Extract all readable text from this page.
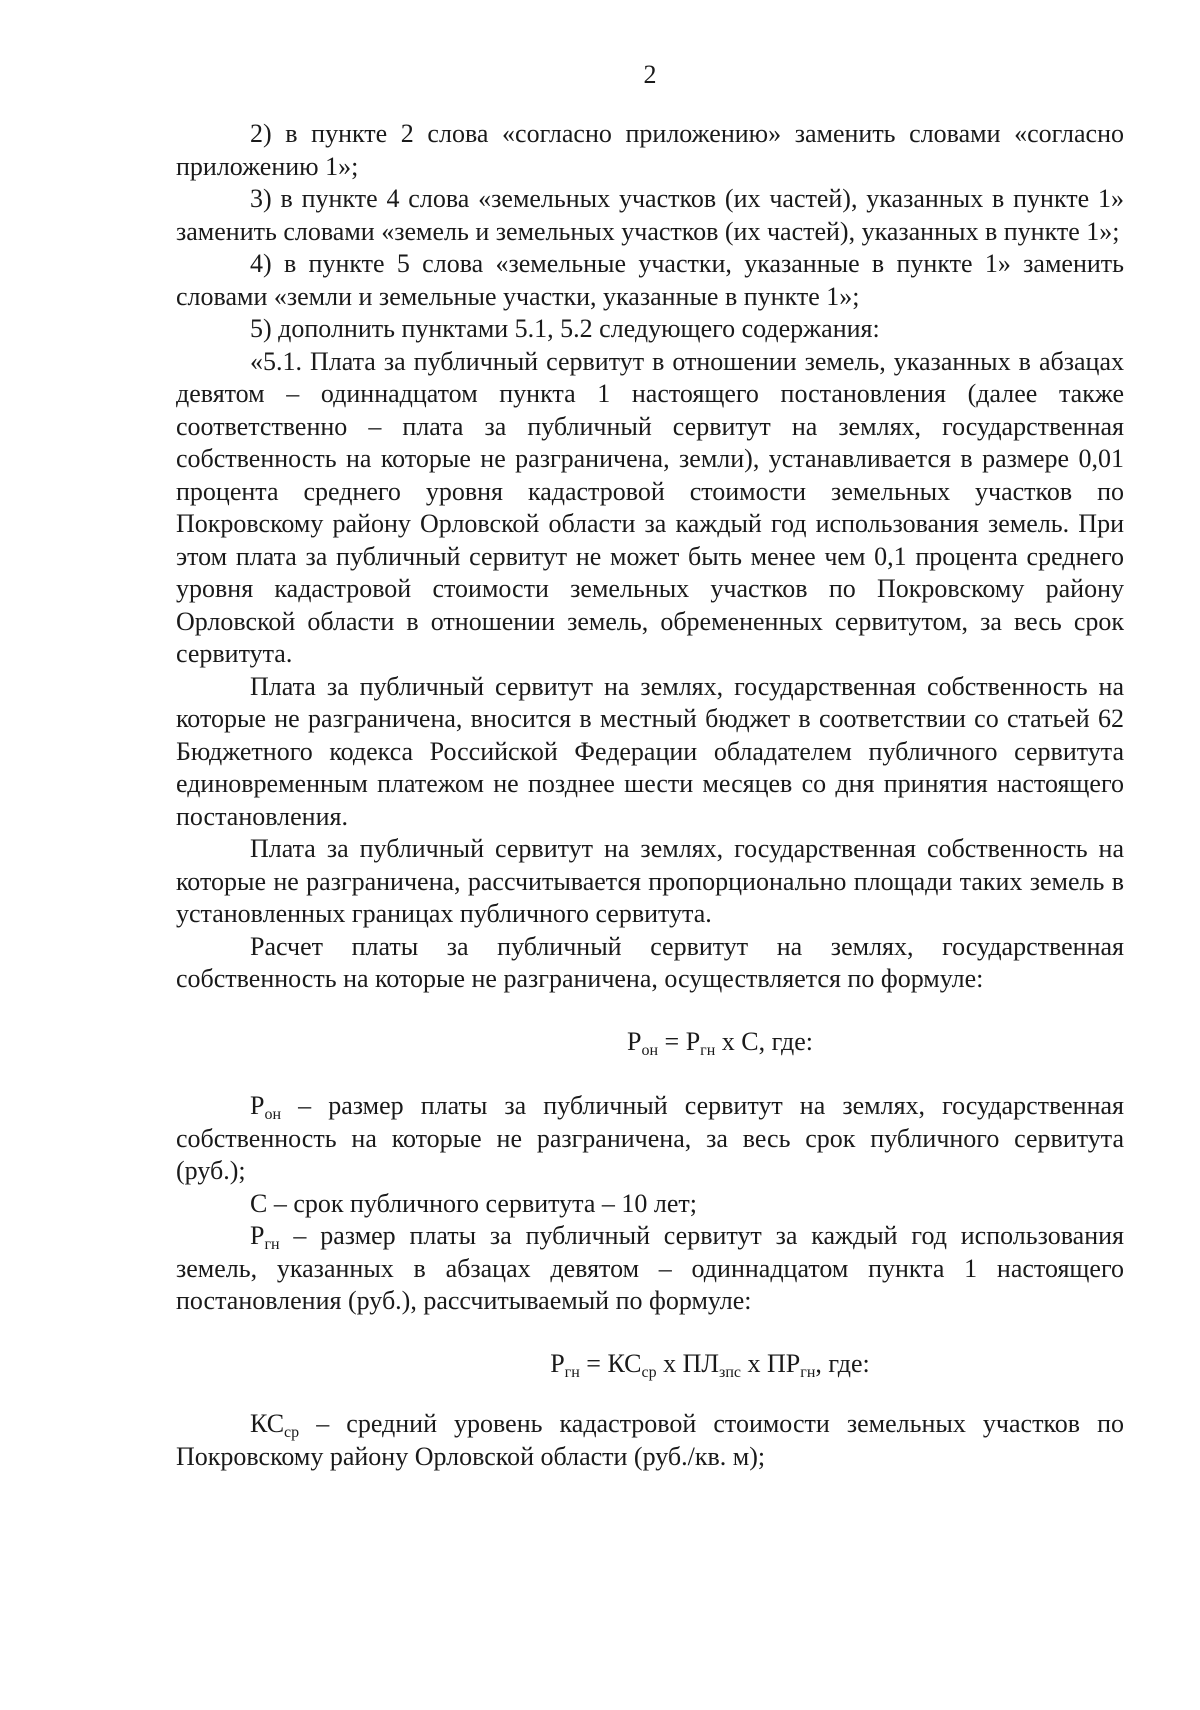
2

2) в пункте 2 слова «согласно приложению» заменить словами «согласно приложению 1»;

3) в пункте 4 слова «земельных участков (их частей), указанных в пункте 1» заменить словами «земель и земельных участков (их частей), указанных в пункте 1»;

4) в пункте 5 слова «земельные участки, указанные в пункте 1» заменить словами «земли и земельные участки, указанные в пункте 1»;

5) дополнить пунктами 5.1, 5.2 следующего содержания:

«5.1. Плата за публичный сервитут в отношении земель, указанных в абзацах девятом – одиннадцатом пункта 1 настоящего постановления (далее также соответственно – плата за публичный сервитут на землях, государственная собственность на которые не разграничена, земли), устанавливается в размере 0,01 процента среднего уровня кадастровой стоимости земельных участков по Покровскому району Орловской области за каждый год использования земель. При этом плата за публичный сервитут не может быть менее чем 0,1 процента среднего уровня кадастровой стоимости земельных участков по Покровскому району Орловской области в отношении земель, обремененных сервитутом, за весь срок сервитута.

Плата за публичный сервитут на землях, государственная собственность на которые не разграничена, вносится в местный бюджет в соответствии со статьей 62 Бюджетного кодекса Российской Федерации обладателем публичного сервитута единовременным платежом не позднее шести месяцев со дня принятия настоящего постановления.

Плата за публичный сервитут на землях, государственная собственность на которые не разграничена, рассчитывается пропорционально площади таких земель в установленных границах публичного сервитута.

Расчет платы за публичный сервитут на землях, государственная собственность на которые не разграничена, осуществляется по формуле:

$Р_{он} = Р_{гн}$ х С, где:

$Р_{он}$ – размер платы за публичный сервитут на землях, государственная собственность на которые не разграничена, за весь срок публичного сервитута (руб.);

С – срок публичного сервитута – 10 лет;

$Р_{гн}$ – размер платы за публичный сервитут за каждый год использования земель, указанных в абзацах девятом – одиннадцатом пункта 1 настоящего постановления (руб.), рассчитываемый по формуле:

$Р_{гн} = КС_{ср}$ х $ПЛ_{зпс}$ х $ПР_{гн}$, где:

$КС_{ср}$ – средний уровень кадастровой стоимости земельных участков по Покровскому району Орловской области (руб./кв. м);
